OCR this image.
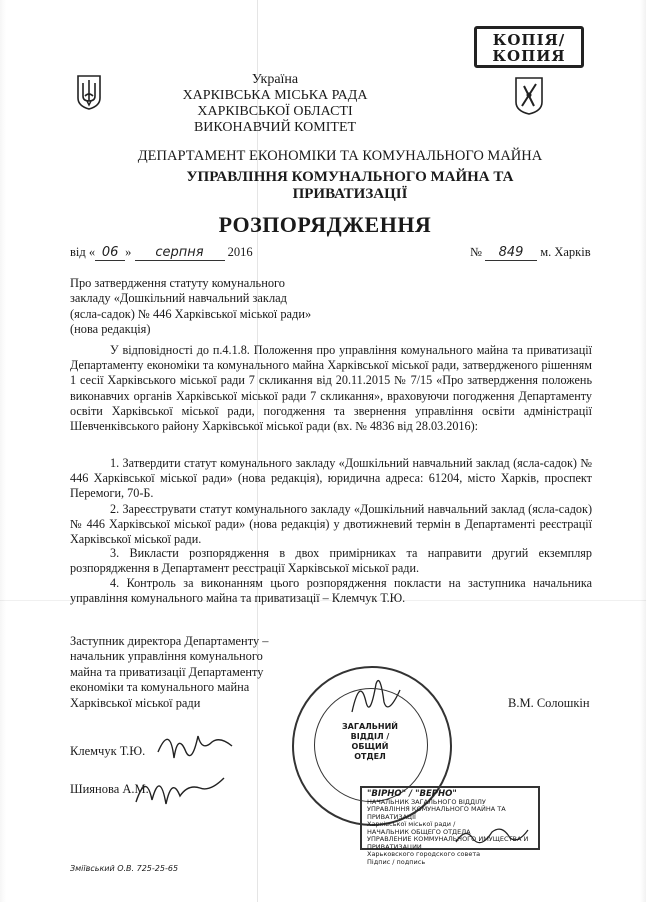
КОПІЯ/
КОПИЯ
Україна
ХАРКІВСЬКА МІСЬКА РАДА
ХАРКІВСЬКОЇ ОБЛАСТІ
ВИКОНАВЧИЙ КОМІТЕТ
ДЕПАРТАМЕНТ ЕКОНОМІКИ ТА КОМУНАЛЬНОГО МАЙНА
УПРАВЛІННЯ КОМУНАЛЬНОГО МАЙНА ТА
ПРИВАТИЗАЦІЇ
РОЗПОРЯДЖЕННЯ
від « 06 » серпня 2016	№ 849 м. Харків
Про затвердження статуту комунального
закладу «Дошкільний навчальний заклад
(ясла-садок) № 446 Харківської міської ради»
(нова редакція)
У відповідності до п.4.1.8. Положення про управління комунального майна та приватизації Департаменту економіки та комунального майна Харківської міської ради, затвердженого рішенням 1 сесії Харківського міської ради 7 скликання від 20.11.2015 № 7/15 «Про затвердження положень виконавчих органів Харківської міської ради 7 скликання», враховуючи погодження Департаменту освіти Харківської міської ради, погодження та звернення управління освіти адміністрації Шевченківського району Харківської міської ради (вх. № 4836 від 28.03.2016):
1. Затвердити статут комунального закладу «Дошкільний навчальний заклад (ясла-садок) № 446 Харківської міської ради» (нова редакція), юридична адреса: 61204, місто Харків, проспект Перемоги, 70-Б.
2. Зареєструвати статут комунального закладу «Дошкільний навчальний заклад (ясла-садок) № 446 Харківської міської ради» (нова редакція) у двотижневий термін в Департаменті реєстрації Харківської міської ради.
3. Викласти розпорядження в двох примірниках та направити другий екземпляр розпорядження в Департамент реєстрації Харківської міської ради.
4. Контроль за виконанням цього розпорядження покласти на заступника начальника управління комунального майна та приватизації – Клемчук Т.Ю.
Заступник директора Департаменту –
начальник управління комунального
майна та приватизації Департаменту
економіки та комунального майна
Харківської міської ради	В.М. Солошкін
ЗАГАЛЬНИЙ
ВІДДІЛ /
ОБЩИЙ ОТДЕЛ
Клемчук Т.Ю.
Шиянова А.М.	"ВІРНО" / "ВЕРНО"
НАЧАЛЬНИК ЗАГАЛЬНОГО ВІДДІЛУ
УПРАВЛІННЯ КОМУНАЛЬНОГО МАЙНА ТА ПРИВАТИЗАЦІЇ
Харківської міської ради /
НАЧАЛЬНИК ОБЩЕГО ОТДЕЛА
УПРАВЛЕНИЕ КОММУНАЛЬНОГО ИМУЩЕСТВА И ПРИВАТИЗАЦИИ
Харьковского городского совета
Підпис / подпись
Зміївський О.В. 725-25-65
